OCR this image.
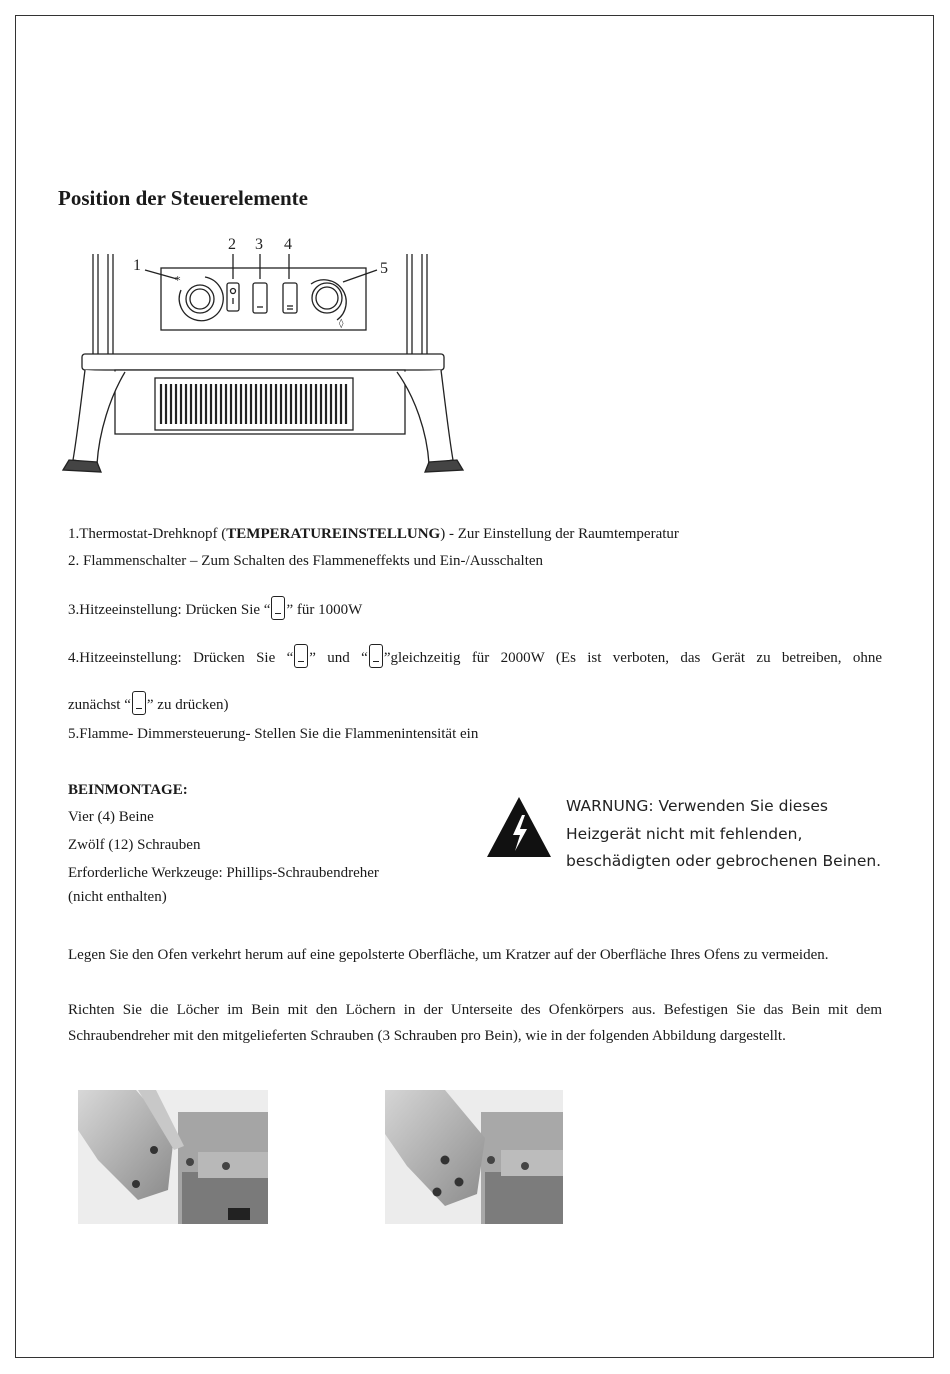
Position der Steuerelemente
*
◊
1
2 3 4
5
1.Thermostat-Drehknopf (TEMPERATUREINSTELLUNG) - Zur Einstellung der Raumtemperatur
2. Flammenschalter – Zum Schalten des Flammeneffekts und Ein-/Ausschalten
3.Hitzeeinstellung: Drücken Sie “ ” für 1000W
4.Hitzeeinstellung: Drücken Sie “ ” und “ ”gleichzeitig für 2000W (Es ist verboten, das Gerät zu betreiben, ohne
zunächst “ ” zu drücken)
5.Flamme- Dimmersteuerung- Stellen Sie die Flammenintensität ein
BEINMONTAGE:
Vier (4) Beine
Zwölf (12) Schrauben
Erforderliche Werkzeuge: Phillips-Schraubendreher
(nicht enthalten)
WARNUNG: Verwenden Sie dieses
Heizgerät nicht mit fehlenden,
beschädigten oder gebrochenen Beinen.
Legen Sie den Ofen verkehrt herum auf eine gepolsterte Oberfläche, um Kratzer auf der Oberfläche Ihres Ofens zu vermeiden.
Richten Sie die Löcher im Bein mit den Löchern in der Unterseite des Ofenkörpers aus. Befestigen Sie das Bein mit dem Schraubendreher mit den mitgelieferten Schrauben (3 Schrauben pro Bein), wie in der folgenden Abbildung dargestellt.
